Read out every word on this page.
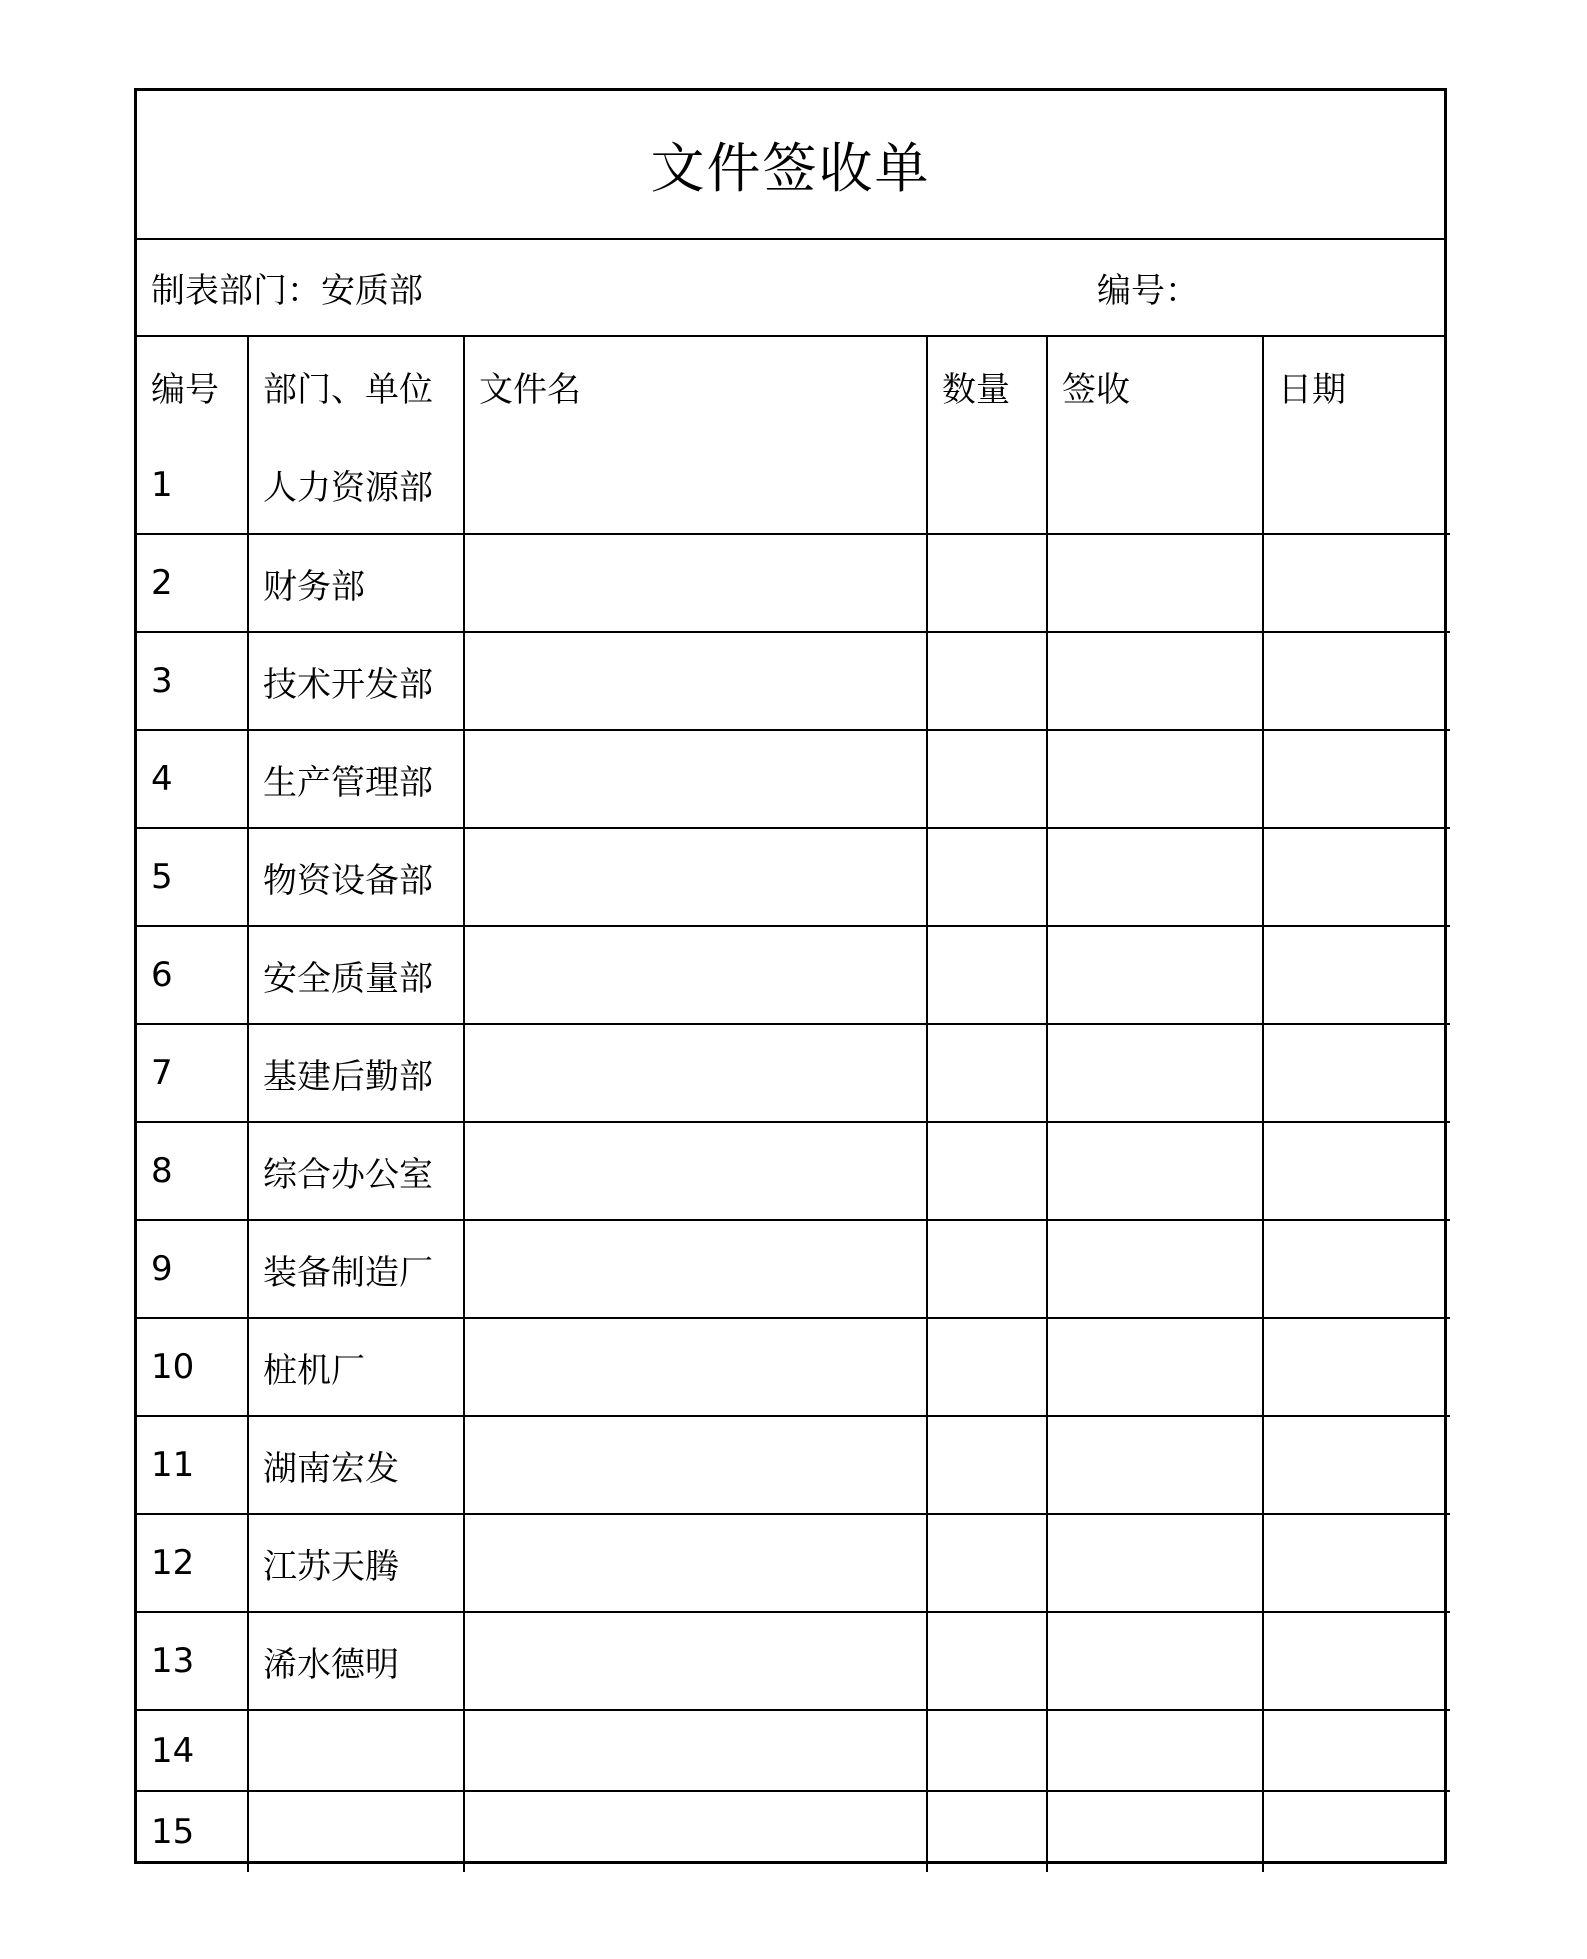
文件签收单
制表部门：安质部	编号：
编号	部门、单位	文件名	数量	签收	日期
1	人力资源部				
2	财务部				
3	技术开发部				
4	生产管理部				
5	物资设备部				
6	安全质量部				
7	基建后勤部				
8	综合办公室				
9	装备制造厂				
10	桩机厂				
11	湖南宏发				
12	江苏天腾				
13	浠水德明				
14					
15					
